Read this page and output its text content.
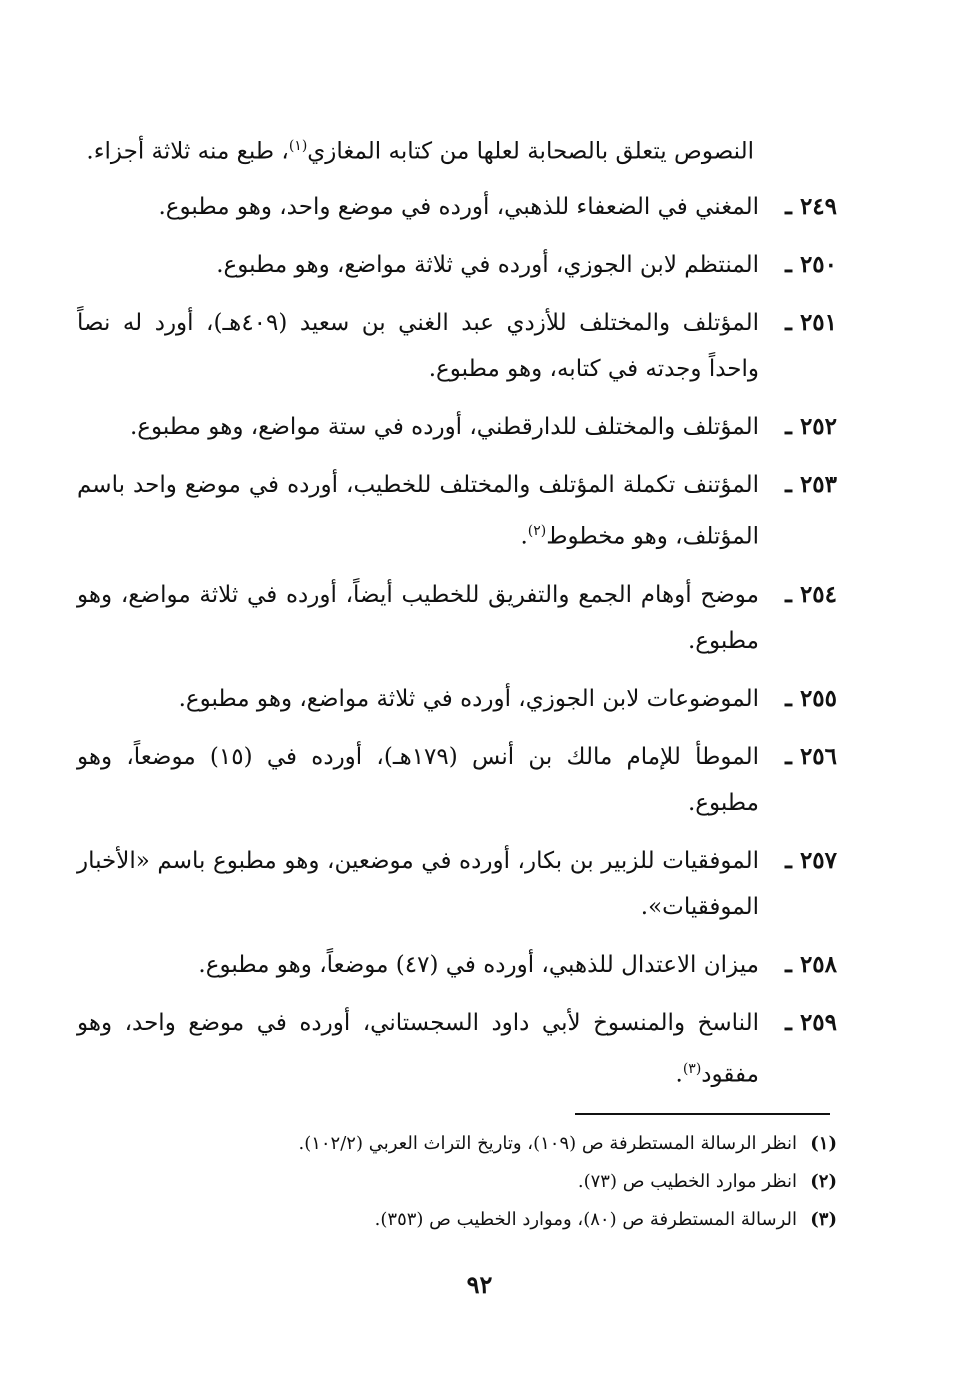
النصوص يتعلق بالصحابة لعلها من كتابه المغازي$^{(١)}$، طبع منه ثلاثة أجزاء.
٢٤٩ ـ
المغني في الضعفاء للذهبي، أورده في موضع واحد، وهو مطبوع.
٢٥٠ ـ
المنتظم لابن الجوزي، أورده في ثلاثة مواضع، وهو مطبوع.
٢٥١ ـ
المؤتلف والمختلف للأزدي عبد الغني بن سعيد (٤٠٩هـ)، أورد له نصاً واحداً وجدته في كتابه، وهو مطبوع.
٢٥٢ ـ
المؤتلف والمختلف للدارقطني، أورده في ستة مواضع، وهو مطبوع.
٢٥٣ ـ
المؤتنف تكملة المؤتلف والمختلف للخطيب، أورده في موضع واحد باسم المؤتلف، وهو مخطوط$^{(٢)}$.
٢٥٤ ـ
موضح أوهام الجمع والتفريق للخطيب أيضاً، أورده في ثلاثة مواضع، وهو مطبوع.
٢٥٥ ـ
الموضوعات لابن الجوزي، أورده في ثلاثة مواضع، وهو مطبوع.
٢٥٦ ـ
الموطأ للإمام مالك بن أنس (١٧٩هـ)، أورده في (١٥) موضعاً، وهو مطبوع.
٢٥٧ ـ
الموفقيات للزبير بن بكار، أورده في موضعين، وهو مطبوع باسم «الأخبار الموفقيات».
٢٥٨ ـ
ميزان الاعتدال للذهبي، أورده في (٤٧) موضعاً، وهو مطبوع.
٢٥٩ ـ
الناسخ والمنسوخ لأبي داود السجستاني، أورده في موضع واحد، وهو مفقود$^{(٣)}$.
(١)
انظر الرسالة المستطرفة ص (١٠٩)، وتاريخ التراث العربي (١٠٢/٢).
(٢)
انظر موارد الخطيب ص (٧٣).
(٣)
الرسالة المستطرفة ص (٨٠)، وموارد الخطيب ص (٣٥٣).
٩٢
